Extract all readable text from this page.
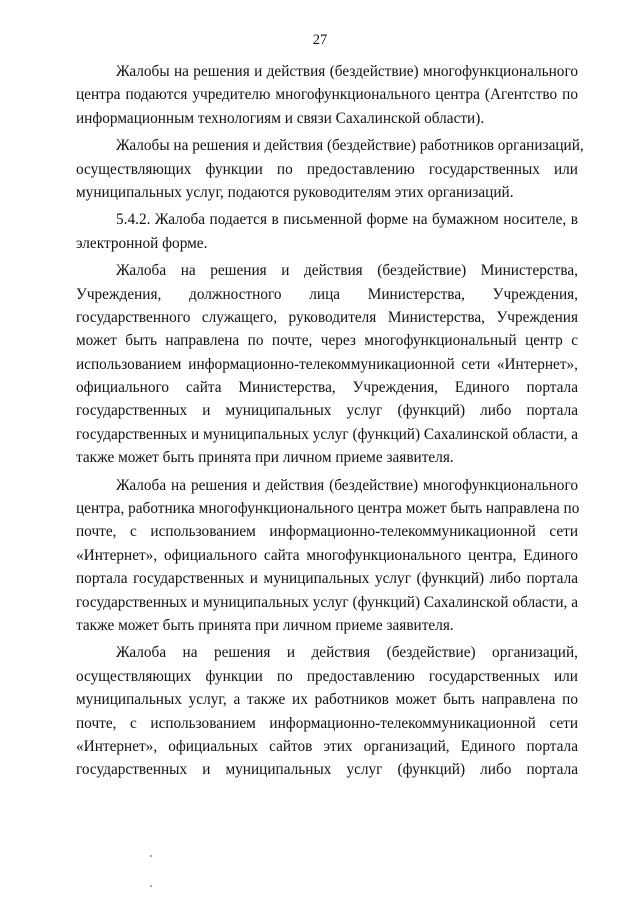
27
Жалобы на решения и действия (бездействие) многофункционального
центра подаются учредителю многофункционального центра (Агентство по
информационным технологиям и связи Сахалинской области).
Жалобы на решения и действия (бездействие) работников организаций,
осуществляющих функции по предоставлению государственных или
муниципальных услуг, подаются руководителям этих организаций.
5.4.2. Жалоба подается в письменной форме на бумажном носителе, в
электронной форме.
Жалоба на решения и действия (бездействие) Министерства,
Учреждения, должностного лица Министерства, Учреждения,
государственного служащего, руководителя Министерства, Учреждения
может быть направлена по почте, через многофункциональный центр с
использованием информационно-телекоммуникационной сети «Интернет»,
официального сайта Министерства, Учреждения, Единого портала
государственных и муниципальных услуг (функций) либо портала
государственных и муниципальных услуг (функций) Сахалинской области, а
также может быть принята при личном приеме заявителя.
Жалоба на решения и действия (бездействие) многофункционального
центра, работника многофункционального центра может быть направлена по
почте, с использованием информационно-телекоммуникационной сети
«Интернет», официального сайта многофункционального центра, Единого
портала государственных и муниципальных услуг (функций) либо портала
государственных и муниципальных услуг (функций) Сахалинской области, а
также может быть принята при личном приеме заявителя.
Жалоба на решения и действия (бездействие) организаций,
осуществляющих функции по предоставлению государственных или
муниципальных услуг, а также их работников может быть направлена по
почте, с использованием информационно-телекоммуникационной сети
«Интернет», официальных сайтов этих организаций, Единого портала
государственных и муниципальных услуг (функций) либо портала
